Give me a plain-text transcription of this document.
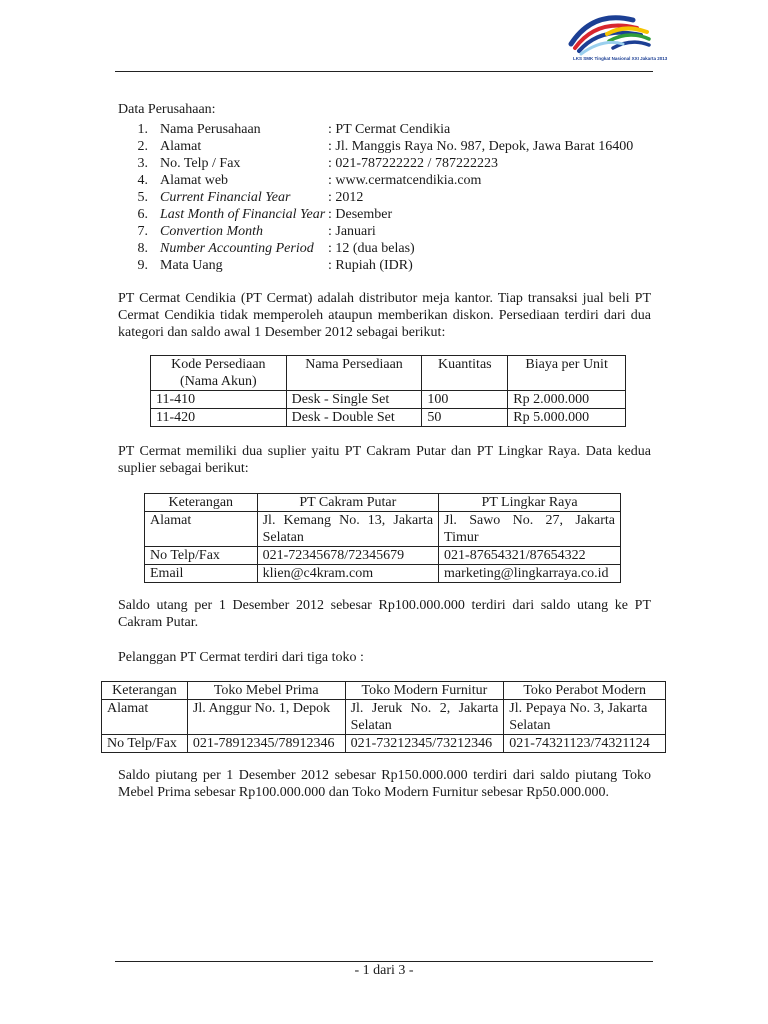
LKS SMK Tingkat Nasional XXI Jakarta 2013
Data Perusahaan:
1. Nama Perusahaan	: PT Cermat Cendikia
2. Alamat	: Jl. Manggis Raya No. 987, Depok, Jawa Barat 16400
3. No. Telp / Fax	: 021-787222222 / 787222223
4. Alamat web	: www.cermatcendikia.com
5. Current Financial Year	: 2012
6. Last Month of Financial Year : Desember
7. Convertion Month	: Januari
8. Number Accounting Period : 12 (dua belas)
9. Mata Uang	: Rupiah (IDR)
PT Cermat Cendikia (PT Cermat) adalah distributor meja kantor. Tiap transaksi jual beli PT Cermat Cendikia tidak memperoleh ataupun memberikan diskon. Persediaan terdiri dari dua kategori dan saldo awal 1 Desember 2012 sebagai berikut:
Kode Persediaan (Nama Akun)	Nama Persediaan	Kuantitas	Biaya per Unit
11-410	Desk - Single Set	100	Rp 2.000.000
11-420	Desk - Double Set	50	Rp 5.000.000
PT Cermat memiliki dua suplier yaitu PT Cakram Putar dan PT Lingkar Raya. Data kedua suplier sebagai berikut:
Keterangan	PT Cakram Putar	PT Lingkar Raya
Alamat	Jl. Kemang No. 13, Jakarta Selatan	Jl. Sawo No. 27, Jakarta Timur
No Telp/Fax	021-72345678/72345679	021-87654321/87654322
Email	klien@c4kram.com	marketing@lingkarraya.co.id
Saldo utang per 1 Desember 2012 sebesar Rp100.000.000 terdiri dari saldo utang ke PT Cakram Putar.
Pelanggan PT Cermat terdiri dari tiga toko :
Keterangan	Toko Mebel Prima	Toko Modern Furnitur	Toko Perabot Modern
Alamat	Jl. Anggur No. 1, Depok	Jl. Jeruk No. 2, Jakarta Selatan	Jl. Pepaya No. 3, Jakarta Selatan
No Telp/Fax	021-78912345/78912346	021-73212345/73212346	021-74321123/74321124
Saldo piutang per 1 Desember 2012 sebesar Rp150.000.000 terdiri dari saldo piutang Toko Mebel Prima sebesar Rp100.000.000 dan Toko Modern Furnitur sebesar Rp50.000.000.
- 1 dari 3 -
